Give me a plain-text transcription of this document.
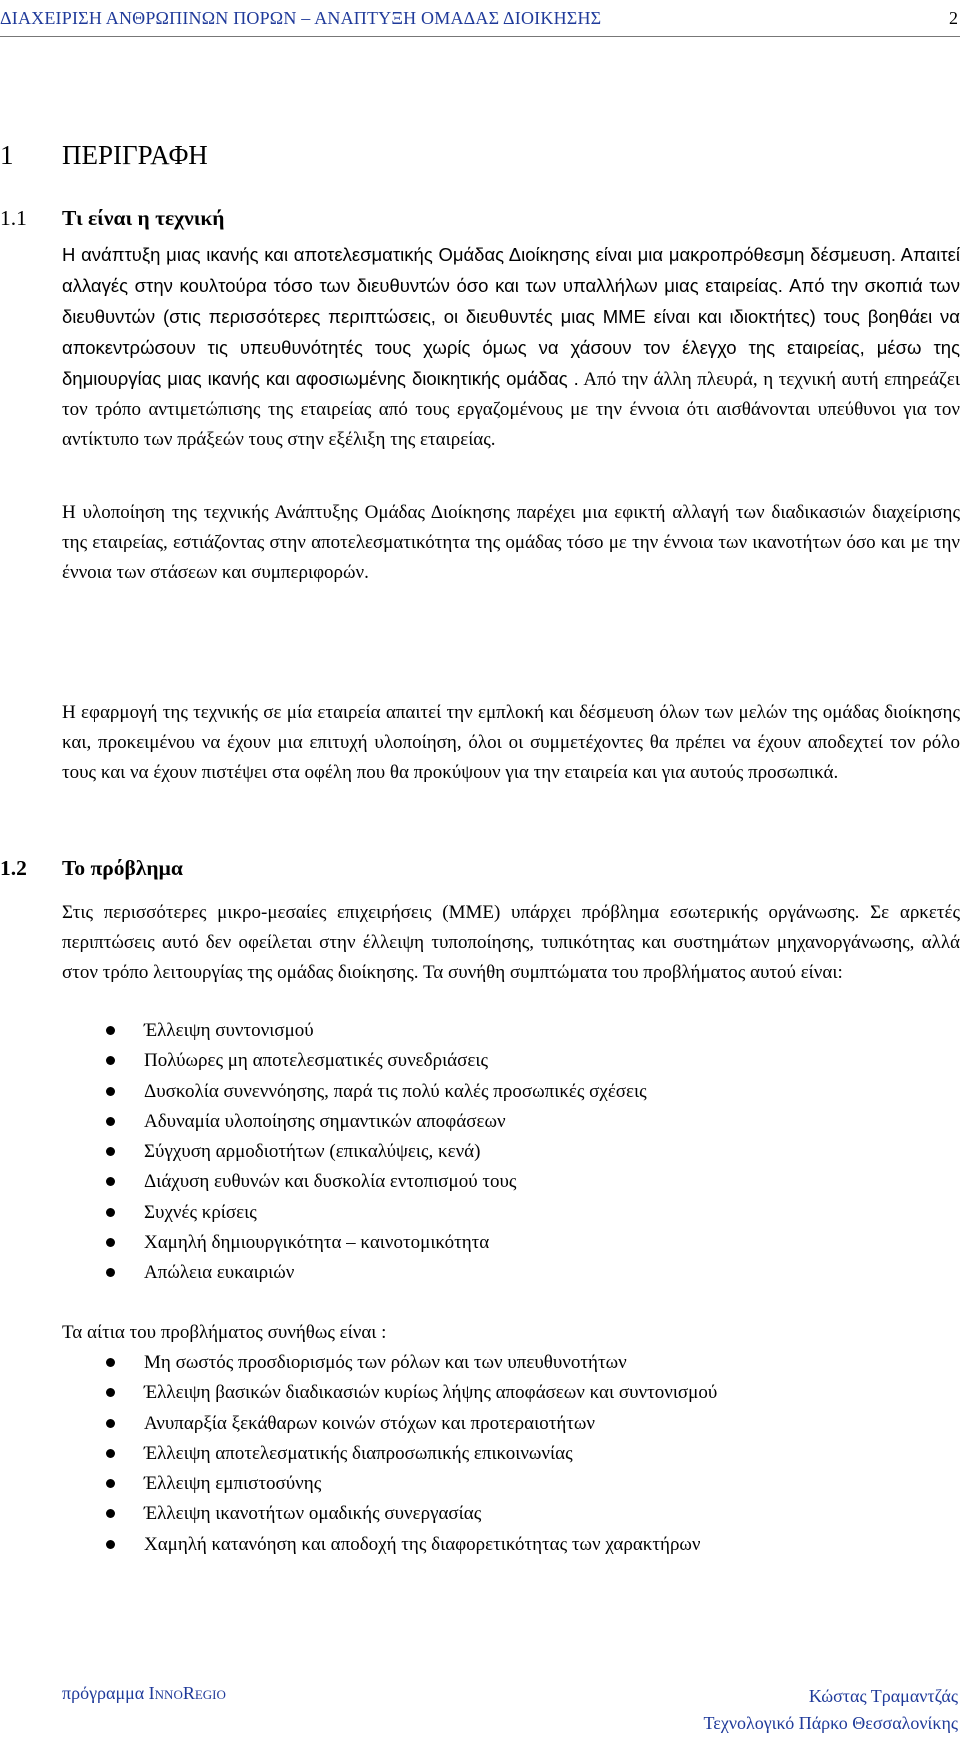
ΔΙΑΧΕΙΡΙΣΗ ΑΝΘΡΩΠΙΝΩΝ ΠΟΡΩΝ – ΑΝΑΠΤΥΞΗ ΟΜΑΔΑΣ ΔΙΟΙΚΗΣΗΣ	2
1 ΠΕΡΙΓΡΑΦΗ
1.1 Τι είναι η τεχνική
Η ανάπτυξη μιας ικανής και αποτελεσματικής Ομάδας Διοίκησης είναι μια μακροπρόθεσμη δέσμευση. Απαιτεί αλλαγές στην κουλτούρα τόσο των διευθυντών όσο και των υπαλλήλων μιας εταιρείας. Από την σκοπιά των διευθυντών (στις περισσότερες περιπτώσεις, οι διευθυντές μιας ΜΜΕ είναι και ιδιοκτήτες) τους βοηθάει να αποκεντρώσουν τις υπευθυνότητές τους χωρίς όμως να χάσουν τον έλεγχο της εταιρείας, μέσω της δημιουργίας μιας ικανής και αφοσιωμένης διοικητικής ομάδας . Από την άλλη πλευρά, η τεχνική αυτή επηρεάζει τον τρόπο αντιμετώπισης της εταιρείας από τους εργαζομένους με την έννοια ότι αισθάνονται υπεύθυνοι για τον αντίκτυπο των πράξεών τους στην εξέλιξη της εταιρείας.
Η υλοποίηση της τεχνικής Ανάπτυξης Ομάδας Διοίκησης παρέχει μια εφικτή αλλαγή των διαδικασιών διαχείρισης της εταιρείας, εστιάζοντας στην αποτελεσματικότητα της ομάδας τόσο με την έννοια των ικανοτήτων όσο και με την έννοια των στάσεων και συμπεριφορών.
Η εφαρμογή της τεχνικής σε μία εταιρεία απαιτεί την εμπλοκή και δέσμευση όλων των μελών της ομάδας διοίκησης και, προκειμένου να έχουν μια επιτυχή υλοποίηση, όλοι οι συμμετέχοντες θα πρέπει να έχουν αποδεχτεί τον ρόλο τους και να έχουν πιστέψει στα οφέλη που θα προκύψουν για την εταιρεία και για αυτούς προσωπικά.
1.2 Το πρόβλημα
Στις περισσότερες μικρο-μεσαίες επιχειρήσεις (ΜΜΕ) υπάρχει πρόβλημα εσωτερικής οργάνωσης. Σε αρκετές περιπτώσεις αυτό δεν οφείλεται στην έλλειψη τυποποίησης, τυπικότητας και συστημάτων μηχανοργάνωσης, αλλά στον τρόπο λειτουργίας της ομάδας διοίκησης. Τα συνήθη συμπτώματα του προβλήματος αυτού είναι:
Έλλειψη συντονισμού
Πολύωρες μη αποτελεσματικές συνεδριάσεις
Δυσκολία συνεννόησης, παρά τις πολύ καλές προσωπικές σχέσεις
Αδυναμία υλοποίησης σημαντικών αποφάσεων
Σύγχυση αρμοδιοτήτων (επικαλύψεις, κενά)
Διάχυση ευθυνών και δυσκολία εντοπισμού τους
Συχνές κρίσεις
Χαμηλή δημιουργικότητα – καινοτομικότητα
Απώλεια ευκαιριών
Τα αίτια του προβλήματος συνήθως είναι :
Μη σωστός προσδιορισμός των ρόλων και των υπευθυνοτήτων
Έλλειψη βασικών διαδικασιών κυρίως λήψης αποφάσεων και συντονισμού
Ανυπαρξία ξεκάθαρων κοινών στόχων και προτεραιοτήτων
Έλλειψη αποτελεσματικής διαπροσωπικής επικοινωνίας
Έλλειψη εμπιστοσύνης
Έλλειψη ικανοτήτων ομαδικής συνεργασίας
Χαμηλή κατανόηση και αποδοχή της διαφορετικότητας των χαρακτήρων
πρόγραμμα InnoRegio	Κώστας Τραμαντζάς
Τεχνολογικό Πάρκο Θεσσαλονίκης
